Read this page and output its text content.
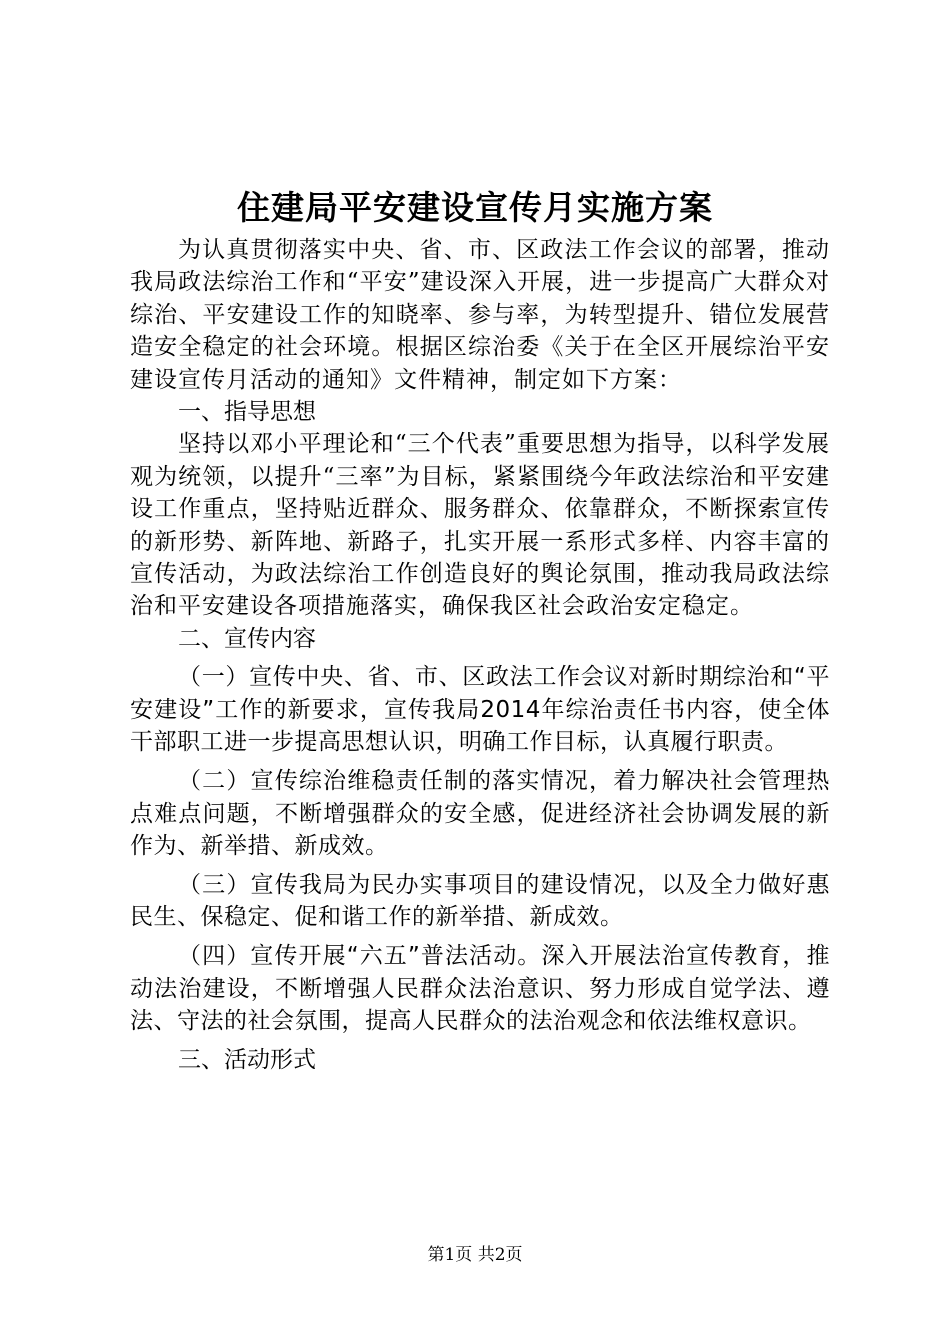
住建局平安建设宣传月实施方案

为认真贯彻落实中央、省、市、区政法工作会议的部署，推动我局政法综治工作和“平安”建设深入开展，进一步提高广大群众对综治、平安建设工作的知晓率、参与率，为转型提升、错位发展营造安全稳定的社会环境。根据区综治委《关于在全区开展综治平安建设宣传月活动的通知》文件精神，制定如下方案：

一、指导思想

坚持以邓小平理论和“三个代表”重要思想为指导，以科学发展观为统领，以提升“三率”为目标，紧紧围绕今年政法综治和平安建设工作重点，坚持贴近群众、服务群众、依靠群众，不断探索宣传的新形势、新阵地、新路子，扎实开展一系形式多样、内容丰富的宣传活动，为政法综治工作创造良好的舆论氛围，推动我局政法综治和平安建设各项措施落实，确保我区社会政治安定稳定。

二、宣传内容

（一）宣传中央、省、市、区政法工作会议对新时期综治和“平安建设”工作的新要求，宣传我局2014年综治责任书内容，使全体干部职工进一步提高思想认识，明确工作目标，认真履行职责。

（二）宣传综治维稳责任制的落实情况，着力解决社会管理热点难点问题，不断增强群众的安全感，促进经济社会协调发展的新作为、新举措、新成效。

（三）宣传我局为民办实事项目的建设情况，以及全力做好惠民生、保稳定、促和谐工作的新举措、新成效。

（四）宣传开展“六五”普法活动。深入开展法治宣传教育，推动法治建设，不断增强人民群众法治意识、努力形成自觉学法、遵法、守法的社会氛围，提高人民群众的法治观念和依法维权意识。

三、活动形式

第1页 共2页
